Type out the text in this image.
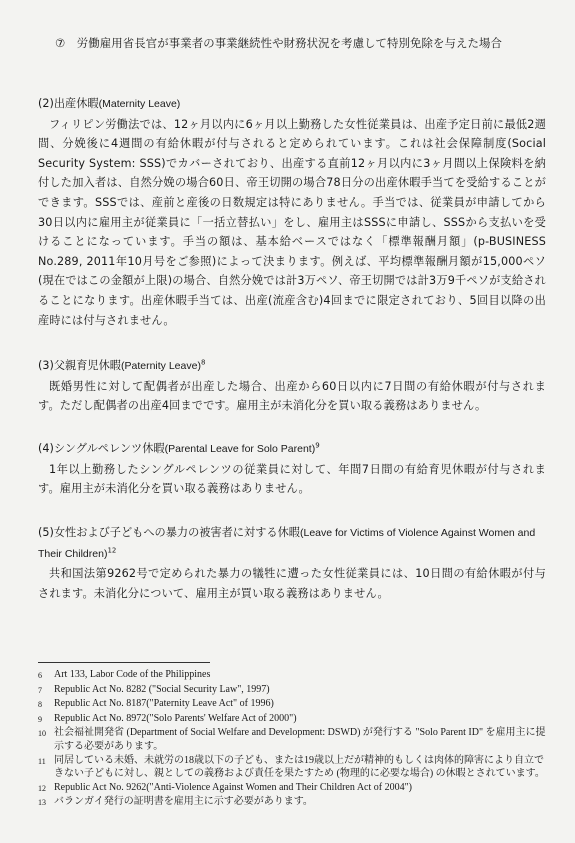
⑦　労働雇用省長官が事業者の事業継続性や財務状況を考慮して特別免除を与えた場合

(2)出産休暇(Maternity Leave)

フィリピン労働法では、12ヶ月以内に6ヶ月以上勤務した女性従業員は、出産予定日前に最低2週間、分娩後に4週間の有給休暇が付与されると定められています。これは社会保障制度(Social Security System: SSS)でカバーされており、出産する直前12ヶ月以内に3ヶ月間以上保険料を納付した加入者は、自然分娩の場合60日、帝王切開の場合78日分の出産休暇手当てを受給することができます。SSSでは、産前と産後の日数規定は特にありません。手当では、従業員が申請してから30日以内に雇用主が従業員に「一括立替払い」をし、雇用主はSSSに申請し、SSSから支払いを受けることになっています。手当の額は、基本給ベースではなく「標準報酬月額」(p-BUSINESS No.289, 2011年10月号をご参照)によって決まります。例えば、平均標準報酬月額が15,000ペソ(現在ではこの金額が上限)の場合、自然分娩では計3万ペソ、帝王切開では計3万9千ペソが支給されることになります。出産休暇手当ては、出産(流産含む)4回までに限定されており、5回目以降の出産時には付与されません。

(3)父親育児休暇(Paternity Leave)$^8$

既婚男性に対して配偶者が出産した場合、出産から60日以内に7日間の有給休暇が付与されます。ただし配偶者の出産4回までです。雇用主が未消化分を買い取る義務はありません。

(4)シングルペレンツ休暇(Parental Leave for Solo Parent)$^9$

1年以上勤務したシングルペレンツの従業員に対して、年間7日間の有給育児休暇が付与されます。雇用主が未消化分を買い取る義務はありません。

(5)女性および子どもへの暴力の被害者に対する休暇(Leave for Victims of Violence Against Women and Their Children)$^{12}$

共和国法第9262号で定められた暴力の犠牲に遭った女性従業員には、10日間の有給休暇が付与されます。未消化分について、雇用主が買い取る義務はありません。

6	Art 133, Labor Code of the Philippines

7	Republic Act No. 8282 ("Social Security Law", 1997)

8	Republic Act No. 8187("Paternity Leave Act" of 1996)

9	Republic Act No. 8972("Solo Parents' Welfare Act of 2000")

10 社会福祉開発省 (Department of Social Welfare and Development: DSWD) が発行する "Solo Parent ID" を雇用主に提示する必要があります。

11 同居している未婚、未就労の18歳以下の子ども、または19歳以上だが精神的もしくは肉体的障害により自立できない子どもに対し、親としての義務および責任を果たすため (物理的に必要な場合) の休暇とされています。

12 Republic Act No. 9262("Anti-Violence Against Women and Their Children Act of 2004")

13 バランガイ発行の証明書を雇用主に示す必要があります。
